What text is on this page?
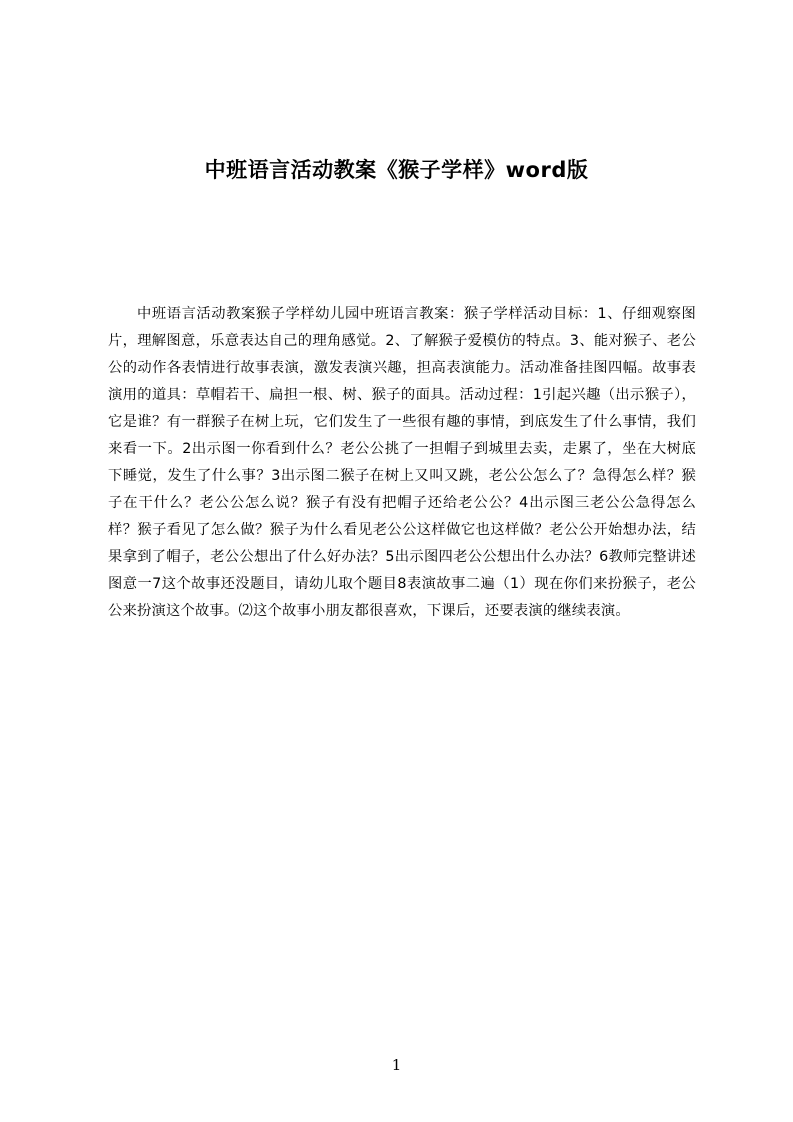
中班语言活动教案《猴子学样》word版

中班语言活动教案猴子学样幼儿园中班语言教案：猴子学样活动目标：1、仔细观察图片，理解图意，乐意表达自己的理角感觉。2、了解猴子爱模仿的特点。3、能对猴子、老公公的动作各表情进行故事表演，激发表演兴趣，担高表演能力。活动准备挂图四幅。故事表演用的道具：草帽若干、扁担一根、树、猴子的面具。活动过程：1引起兴趣（出示猴子），它是谁？有一群猴子在树上玩，它们发生了一些很有趣的事情，到底发生了什么事情，我们来看一下。2出示图一你看到什么？老公公挑了一担帽子到城里去卖，走累了，坐在大树底下睡觉，发生了什么事？3出示图二猴子在树上又叫又跳，老公公怎么了？急得怎么样？猴子在干什么？老公公怎么说？猴子有没有把帽子还给老公公？4出示图三老公公急得怎么样？猴子看见了怎么做？猴子为什么看见老公公这样做它也这样做？老公公开始想办法，结果拿到了帽子，老公公想出了什么好办法？5出示图四老公公想出什么办法？6教师完整讲述图意一7这个故事还没题目，请幼儿取个题目8表演故事二遍（1）现在你们来扮猴子，老公公来扮演这个故事。⑵这个故事小朋友都很喜欢，下课后，还要表演的继续表演。

1
